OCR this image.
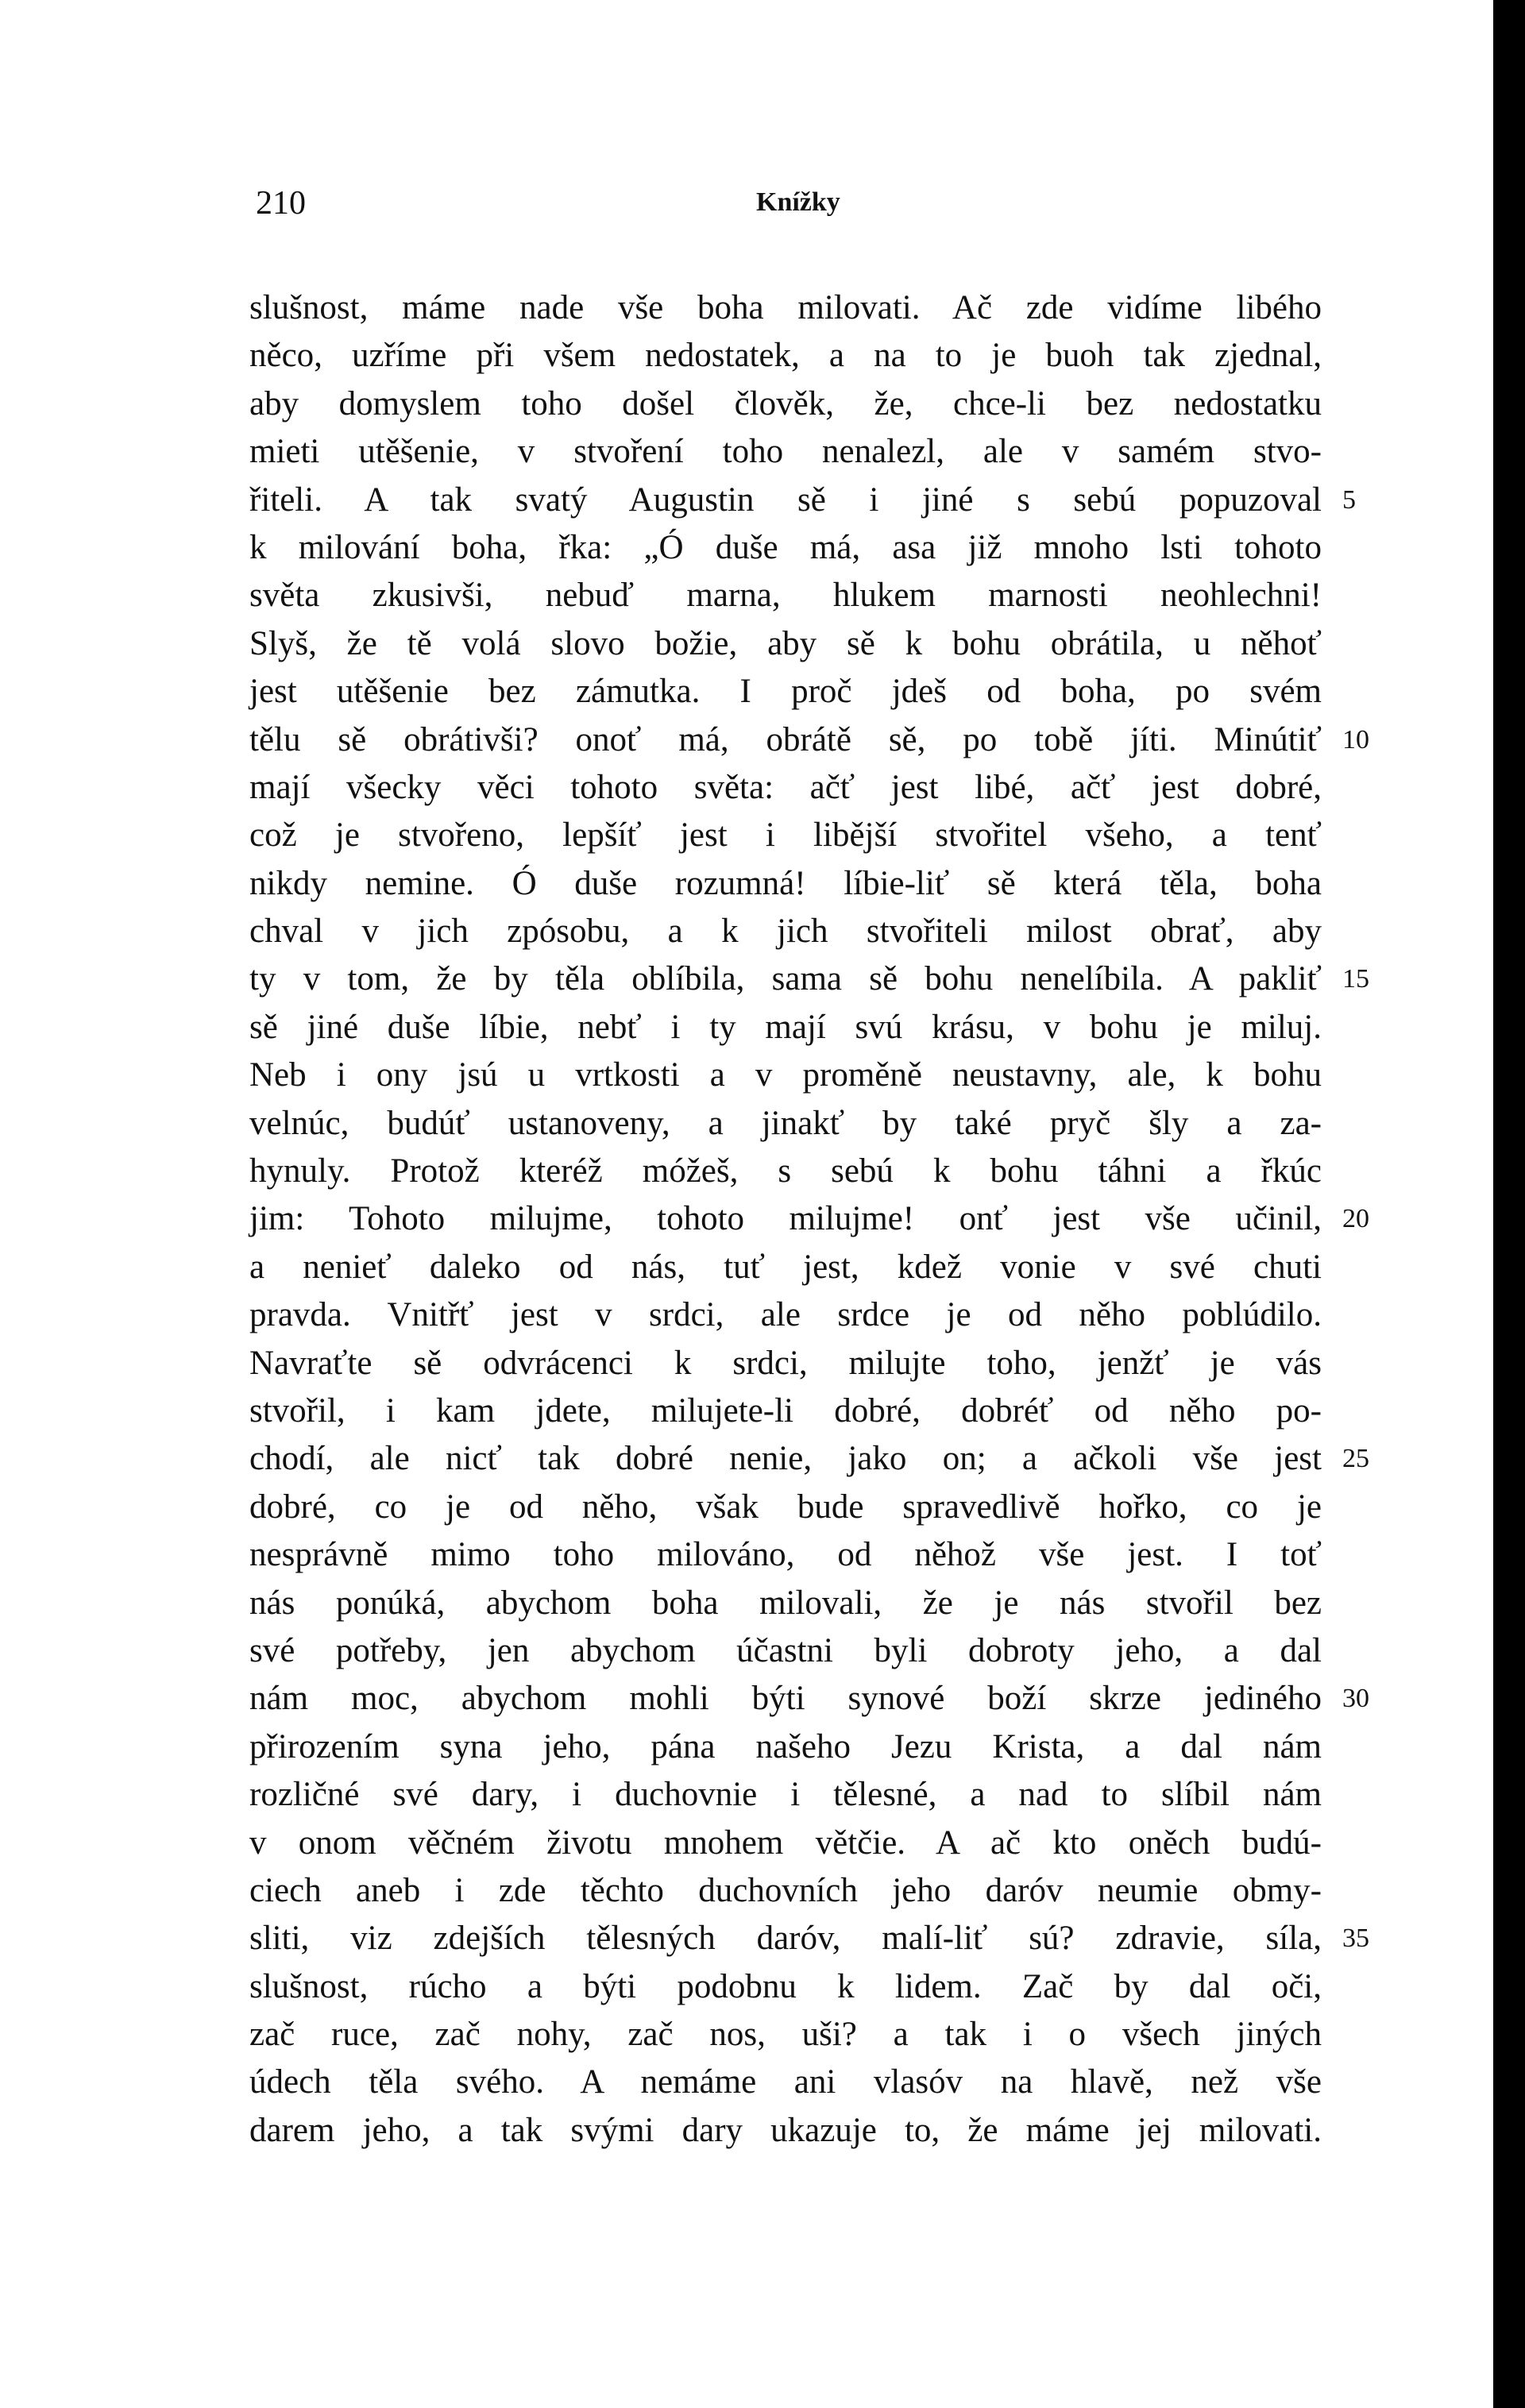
210	Knížky
slušnost, máme nade vše boha milovati. Ač zde vidíme libého
něco, uzříme při všem nedostatek, a na to je buoh tak zjednal,
aby domyslem toho došel člověk, že, chce-li bez nedostatku
mieti utěšenie, v stvoření toho nenalezl, ale v samém stvo-
řiteli. A tak svatý Augustin sě i jiné s sebú popuzoval 5
k milování boha, řka: „Ó duše má, asa již mnoho lsti tohoto
světa zkusivši, nebuď marna, hlukem marnosti neohlechni!
Slyš, že tě volá slovo božie, aby sě k bohu obrátila, u něhoť
jest utěšenie bez zámutka. I proč jdeš od boha, po svém
tělu sě obrátivši? onoť má, obrátě sě, po tobě jíti. Minútiť 10
mají všecky věci tohoto světa: ačť jest libé, ačť jest dobré,
což je stvořeno, lepšíť jest i libější stvořitel všeho, a tenť
nikdy nemine. Ó duše rozumná! líbie-liť sě která těla, boha
chval v jich zpósobu, a k jich stvořiteli milost obrať, aby
ty v tom, že by těla oblíbila, sama sě bohu nenelíbila. A pakliť 15
sě jiné duše líbie, nebť i ty mají svú krásu, v bohu je miluj.
Neb i ony jsú u vrtkosti a v proměně neustavny, ale, k bohu
velnúc, budúť ustanoveny, a jinakť by také pryč šly a za-
hynuly. Protož kteréž móžeš, s sebú k bohu táhni a řkúc
jim: Tohoto milujme, tohoto milujme! onť jest vše učinil, 20
a nenieť daleko od nás, tuť jest, kdež vonie v své chuti
pravda. Vnitřť jest v srdci, ale srdce je od něho poblúdilo.
Navraťte sě odvrácenci k srdci, milujte toho, jenžť je vás
stvořil, i kam jdete, milujete-li dobré, dobréť od něho po-
chodí, ale nicť tak dobré nenie, jako on; a ačkoli vše jest 25
dobré, co je od něho, však bude spravedlivě hořko, co je
nesprávně mimo toho milováno, od něhož vše jest. I toť
nás ponúká, abychom boha milovali, že je nás stvořil bez
své potřeby, jen abychom účastni byli dobroty jeho, a dal
nám moc, abychom mohli býti synové boží skrze jediného 30
přirozením syna jeho, pána našeho Jezu Krista, a dal nám
rozličné své dary, i duchovnie i tělesné, a nad to slíbil nám
v onom věčném životu mnohem větčie. A ač kto oněch budú-
ciech aneb i zde těchto duchovních jeho daróv neumie obmy-
sliti, viz zdejších tělesných daróv, malí-liť sú? zdravie, síla, 35
slušnost, rúcho a býti podobnu k lidem. Zač by dal oči,
zač ruce, zač nohy, zač nos, uši? a tak i o všech jiných
údech těla svého. A nemáme ani vlasóv na hlavě, než vše
darem jeho, a tak svými dary ukazuje to, že máme jej milovati.
